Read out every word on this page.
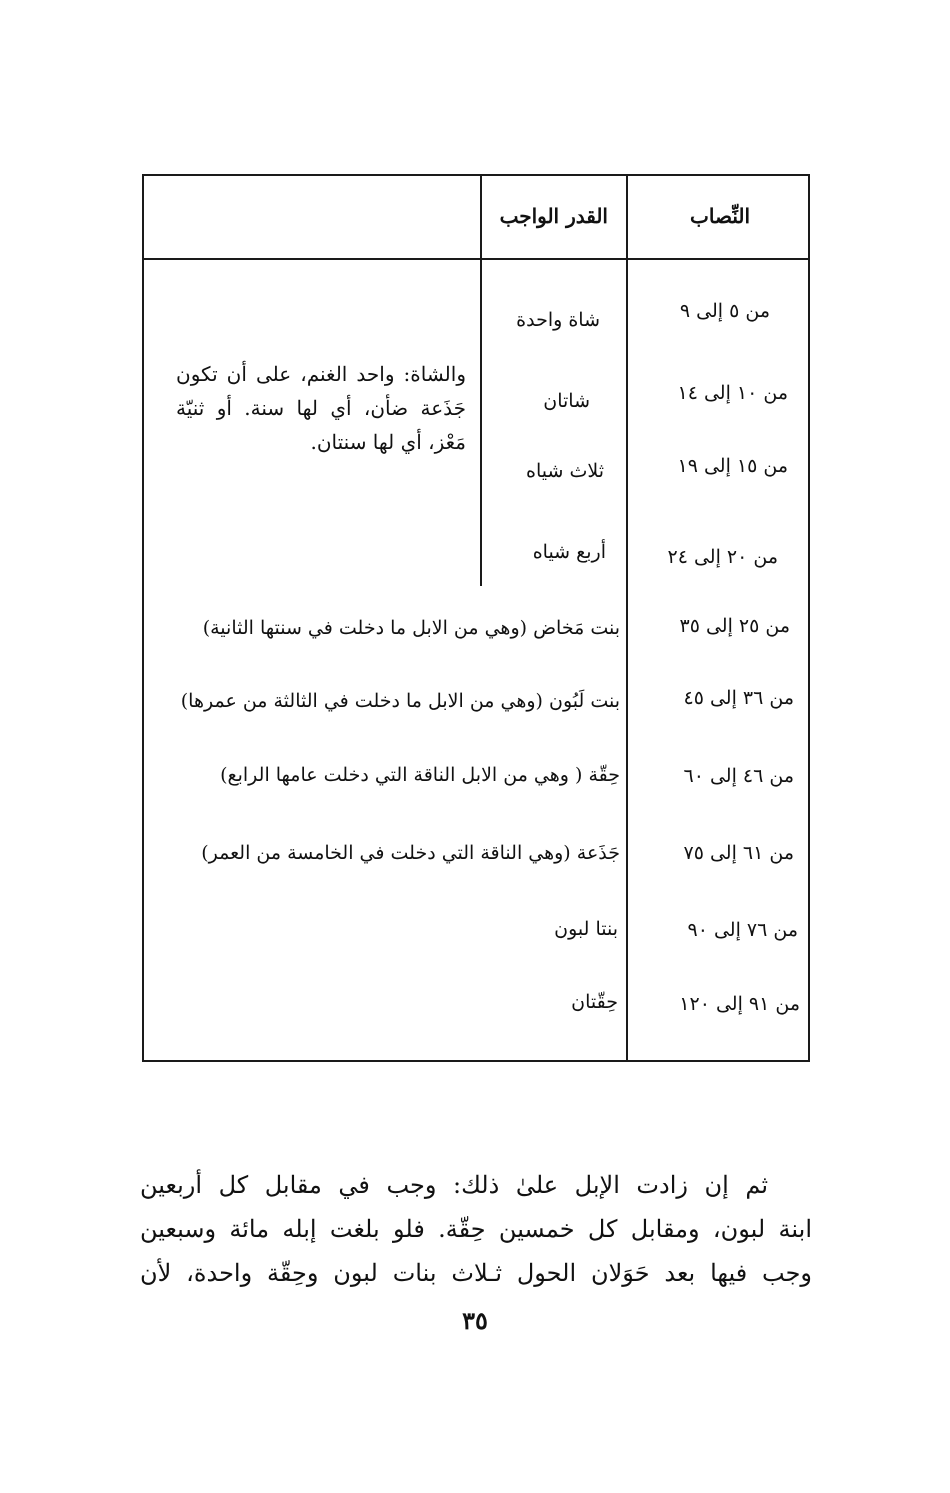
النِّصاب
القدر الواجب
من ٥ إلى ٩
من ١٠ إلى ١٤
من ١٥ إلى ١٩
من ٢٠ إلى ٢٤
من ٢٥ إلى ٣٥
من ٣٦ إلى ٤٥
من ٤٦ إلى ٦٠
من ٦١ إلى ٧٥
من ٧٦ إلى ٩٠
من ٩١ إلى ١٢٠
شاة واحدة
شاتان
ثلاث شياه
أربع شياه
بنت مَخاض (وهي من الابل ما دخلت في سنتها الثانية)
بنت لَبُون (وهي من الابل ما دخلت في الثالثة من عمرها)
حِقّة ( وهي من الابل الناقة التي دخلت عامها الرابع)
جَذَعة (وهي الناقة التي دخلت في الخامسة من العمر)
بنتا لبون
حِقّتان
والشاة: واحد الغنم، على أن تكون
جَذَعة ضأن، أي لها سنة. أو ثنيّة
مَعْز، أي لها سنتان.
ثم إن زادت الإبل علىٰ ذلك: وجب في مقابل كل أربعين
ابنة لبون، ومقابل كل خمسين حِقّة. فلو بلغت إبله مائة وسبعين
وجب فيها بعد حَوَلان الحول ثـلاث بنات لبون وحِقّة واحدة، لأن
٣٥
